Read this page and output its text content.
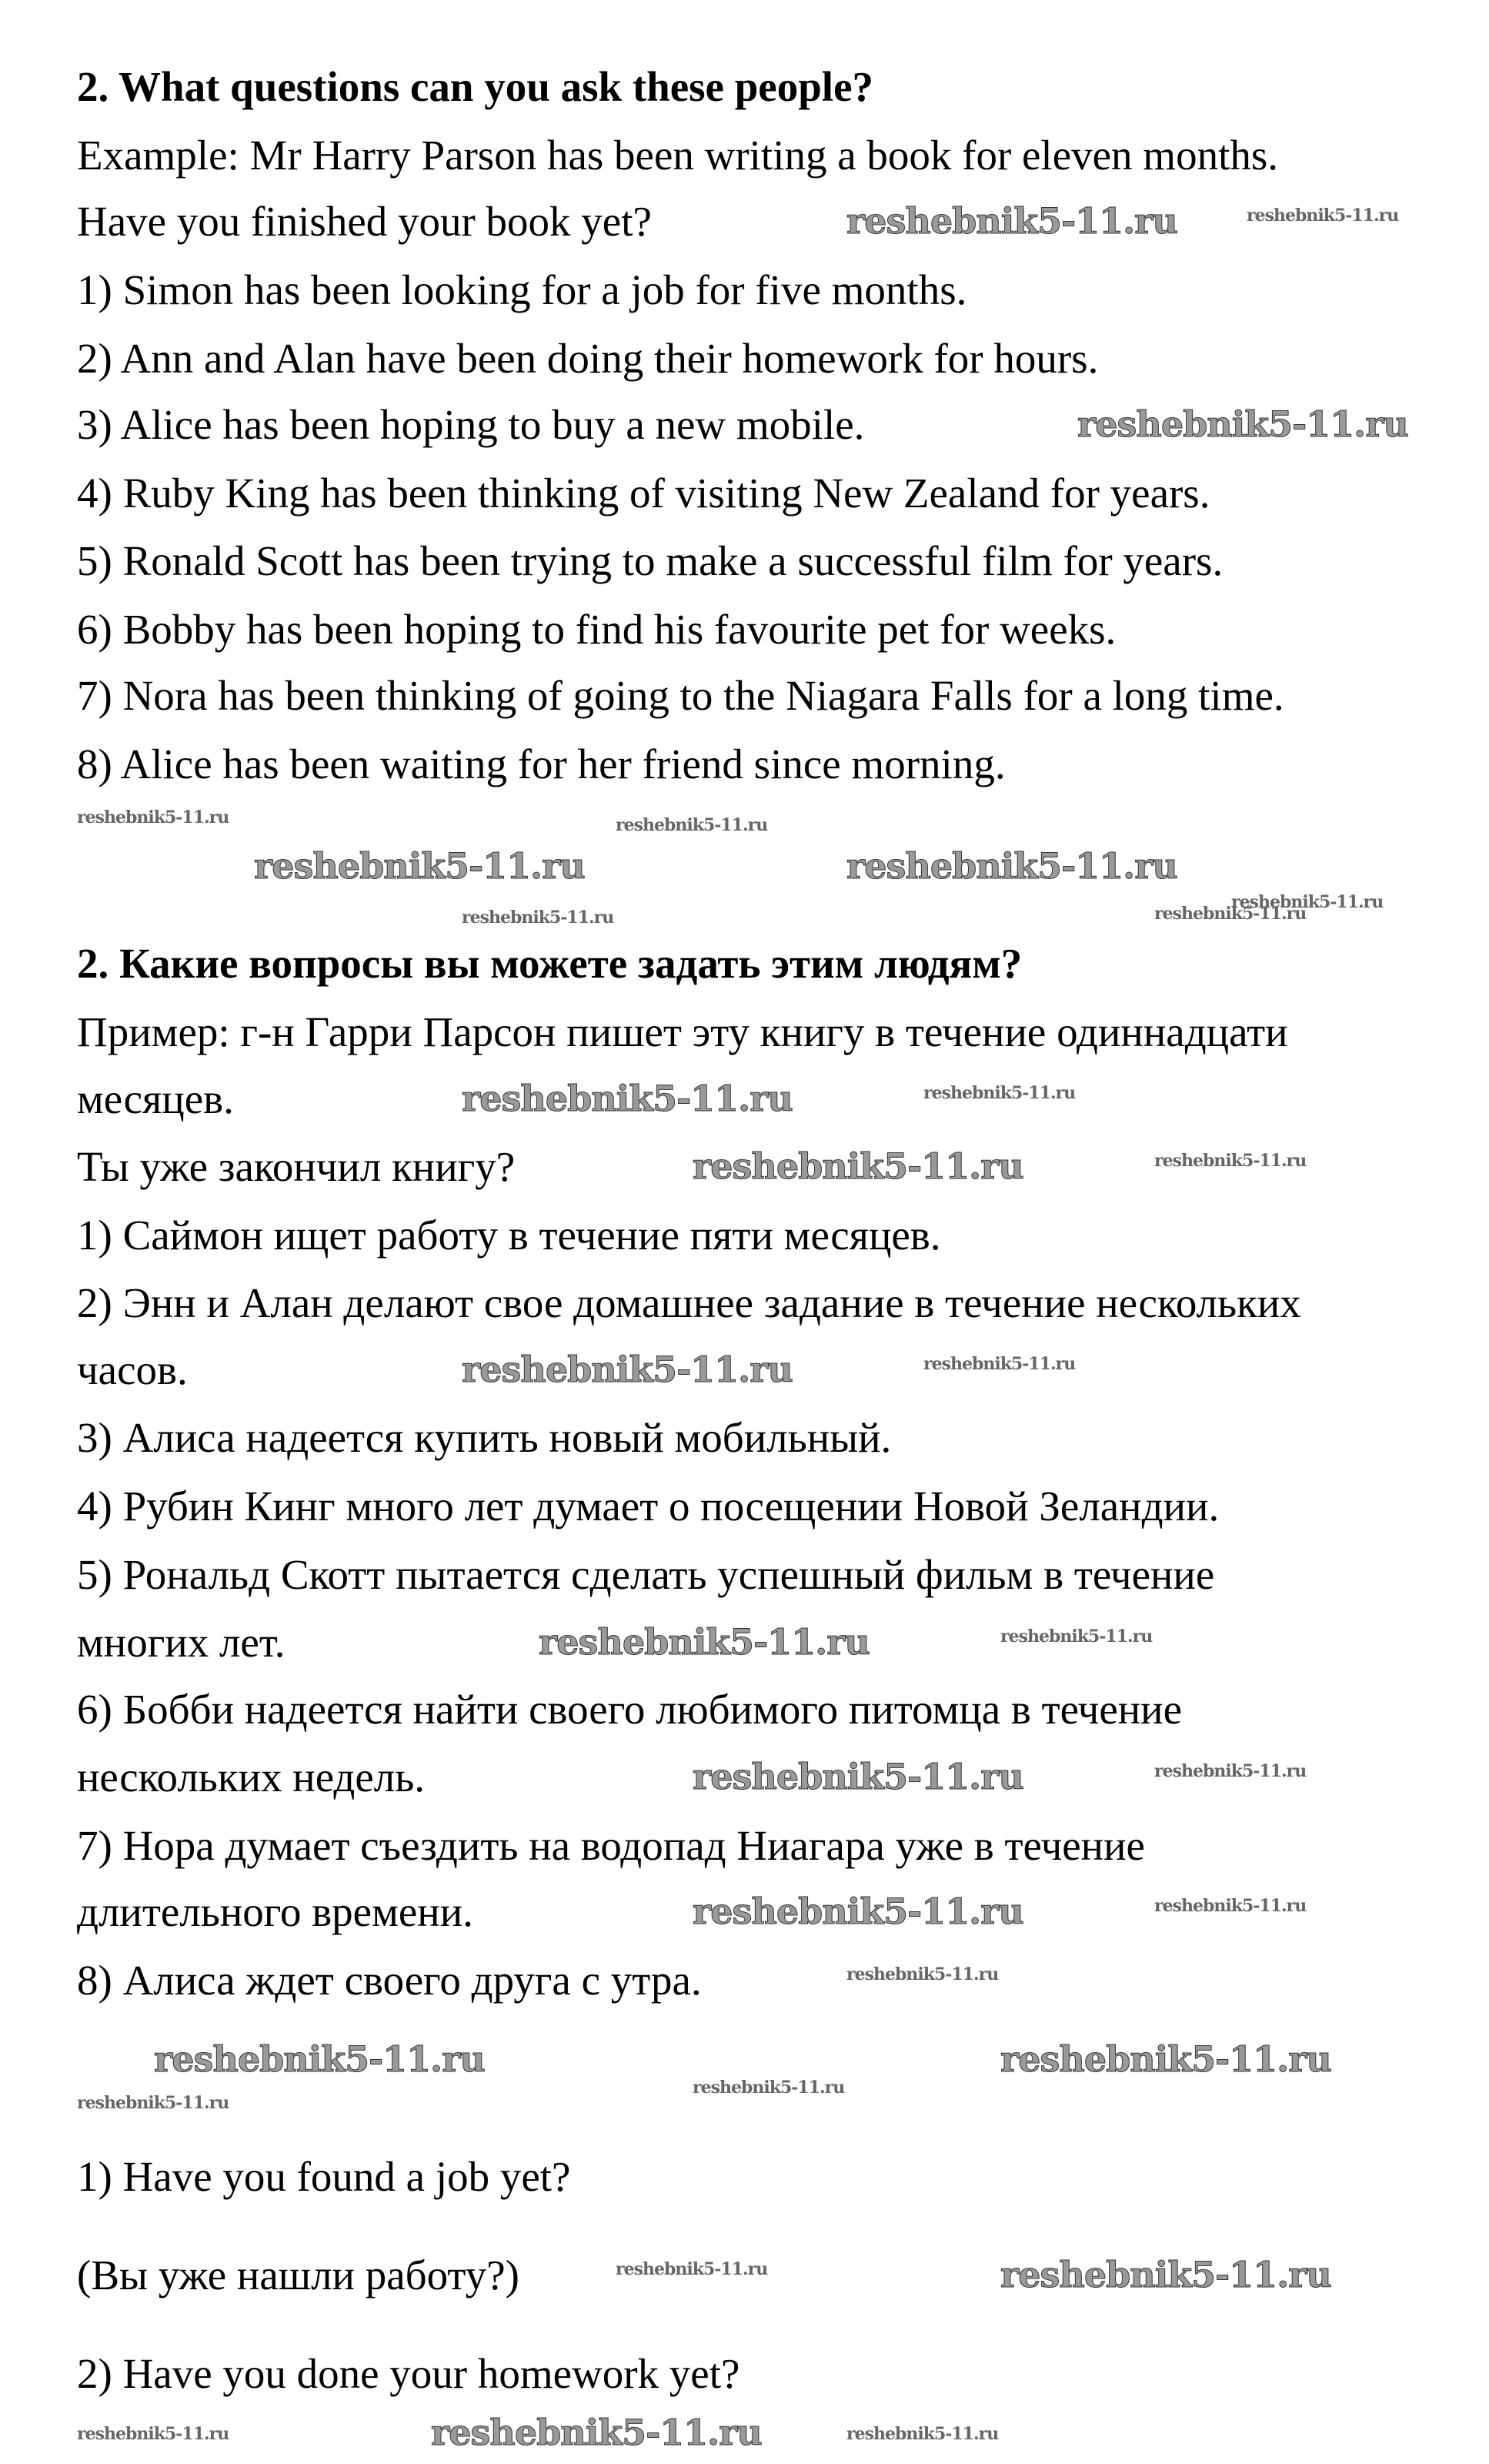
2. What questions can you ask these people?
Example: Mr Harry Parson has been writing a book for eleven months.
Have you finished your book yet?
1) Simon has been looking for a job for five months.
2) Ann and Alan have been doing their homework for hours.
3) Alice has been hoping to buy a new mobile.
4) Ruby King has been thinking of visiting New Zealand for years.
5) Ronald Scott has been trying to make a successful film for years.
6) Bobby has been hoping to find his favourite pet for weeks.
7) Nora has been thinking of going to the Niagara Falls for a long time.
8) Alice has been waiting for her friend since morning.
2. Какие вопросы вы можете задать этим людям?
Пример: г-н Гарри Парсон пишет эту книгу в течение одиннадцати
месяцев.
Ты уже закончил книгу?
1) Саймон ищет работу в течение пяти месяцев.
2) Энн и Алан делают свое домашнее задание в течение нескольких
часов.
3) Алиса надеется купить новый мобильный.
4) Рубин Кинг много лет думает о посещении Новой Зеландии.
5) Рональд Скотт пытается сделать успешный фильм в течение
многих лет.
6) Бобби надеется найти своего любимого питомца в течение
нескольких недель.
7) Нора думает съездить на водопад Ниагара уже в течение
длительного времени.
8) Алиса ждет своего друга с утра.
1) Have you found a job yet?
(Вы уже нашли работу?)
2) Have you done your homework yet?
reshebnik5-11.ru
reshebnik5-11.ru
reshebnik5-11.ru	reshebnik5-11.ru
reshebnik5-11.ru
reshebnik5-11.ru
reshebnik5-11.ru
reshebnik5-11.ru
reshebnik5-11.ru
reshebnik5-11.ru
reshebnik5-11.ru	reshebnik5-11.ru
reshebnik5-11.ru
reshebnik5-11.ru
reshebnik5-11.ru
reshebnik5-11.ru
reshebnik5-11.ru	reshebnik5-11.ru
reshebnik5-11.ru
reshebnik5-11.ru
reshebnik5-11.ru
reshebnik5-11.ru
reshebnik5-11.ru
reshebnik5-11.ru
reshebnik5-11.ru
reshebnik5-11.ru
reshebnik5-11.ru
reshebnik5-11.ru
reshebnik5-11.ru
reshebnik5-11.ru	reshebnik5-11.ru
reshebnik5-11.ru
